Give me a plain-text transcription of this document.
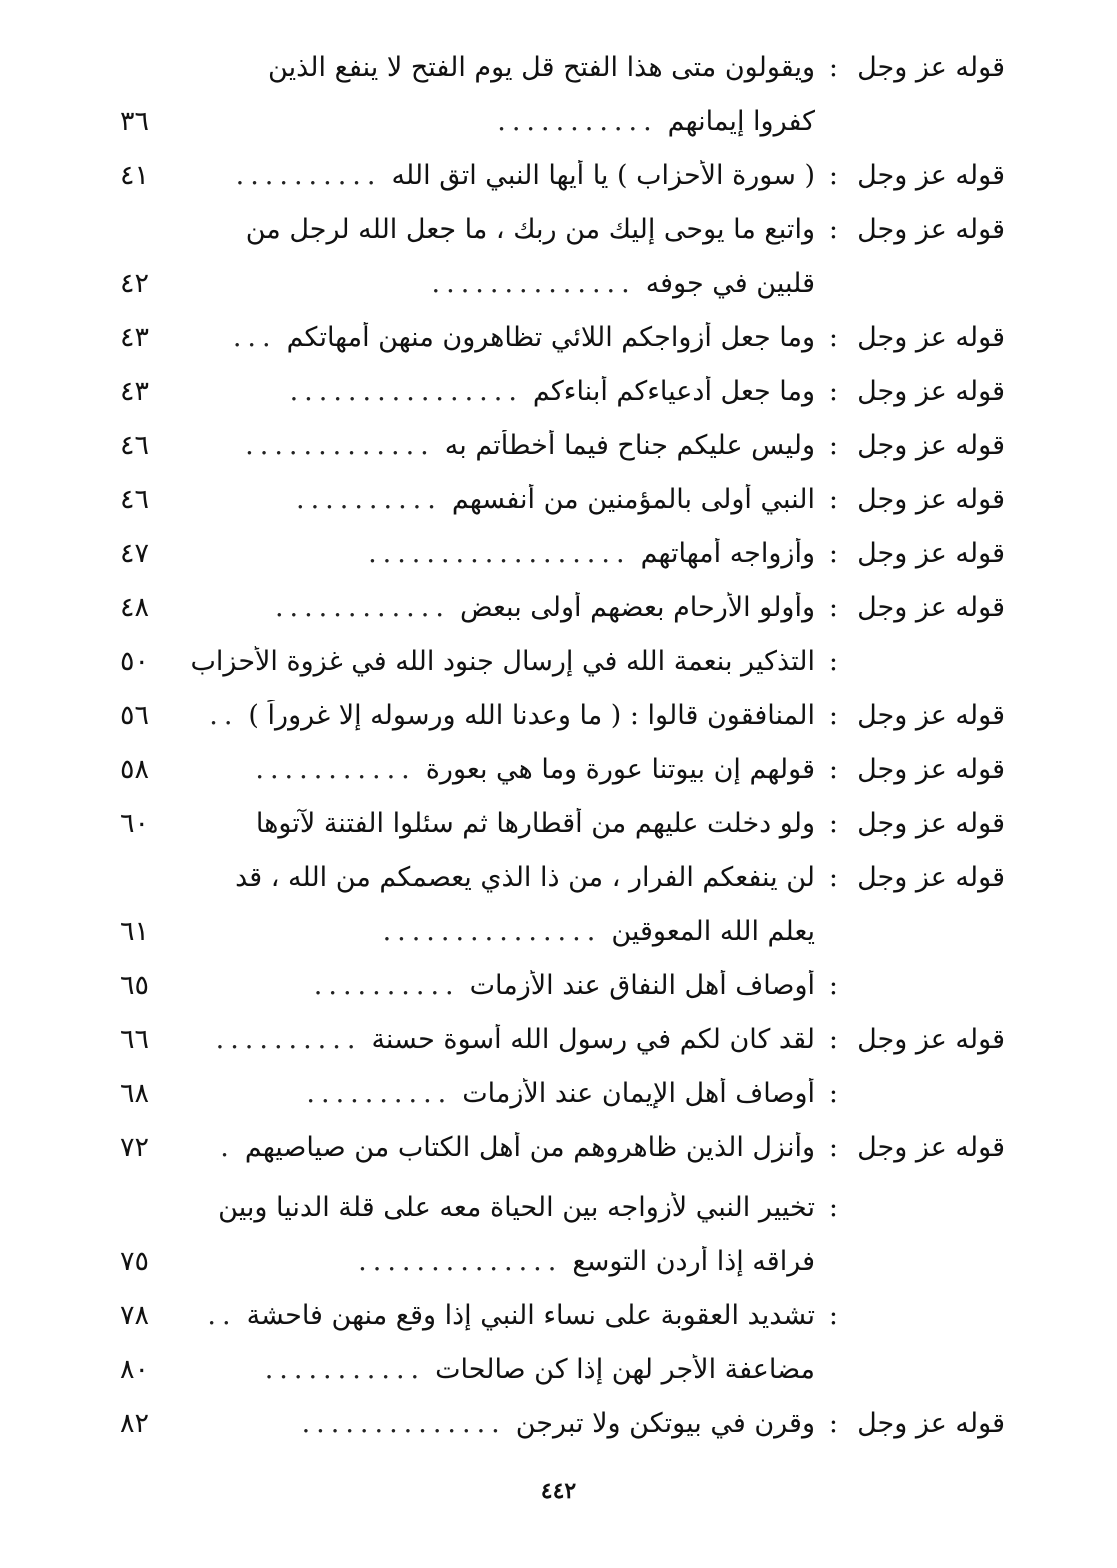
قوله عز وجل
:
ويقولون متى هذا الفتح قل يوم الفتح لا ينفع الذين
كفروا إيمانهم
...........
٣٦
قوله عز وجل
:
( سورة الأحزاب ) يا أيها النبي اتق الله
..........
٤١
قوله عز وجل
:
واتبع ما يوحى إليك من ربك ، ما جعل الله لرجل من
قلبين في جوفه
..............
٤٢
قوله عز وجل
:
وما جعل أزواجكم اللائي تظاهرون منهن أمهاتكم
...
٤٣
قوله عز وجل
:
وما جعل أدعياءكم أبناءكم
................
٤٣
قوله عز وجل
:
وليس عليكم جناح فيما أخطأتم به
.............
٤٦
قوله عز وجل
:
النبي أولى بالمؤمنين من أنفسهم
..........
٤٦
قوله عز وجل
:
وأزواجه أمهاتهم
..................
٤٧
قوله عز وجل
:
وأولو الأرحام بعضهم أولى ببعض
............
٤٨
:
التذكير بنعمة الله في إرسال جنود الله في غزوة الأحزاب
٥٠
قوله عز وجل
:
المنافقون قالوا : ( ما وعدنا الله ورسوله إلا غروراً )
..
٥٦
قوله عز وجل
:
قولهم إن بيوتنا عورة وما هي بعورة
...........
٥٨
قوله عز وجل
:
ولو دخلت عليهم من أقطارها ثم سئلوا الفتنة لآتوها
٦٠
قوله عز وجل
:
لن ينفعكم الفرار ، من ذا الذي يعصمكم من الله ، قد
يعلم الله المعوقين
...............
٦١
:
أوصاف أهل النفاق عند الأزمات
..........
٦٥
قوله عز وجل
:
لقد كان لكم في رسول الله أسوة حسنة
..........
٦٦
:
أوصاف أهل الإيمان عند الأزمات
..........
٦٨
قوله عز وجل
:
وأنزل الذين ظاهروهم من أهل الكتاب من صياصيهم
.
٧٢
:
تخيير النبي لأزواجه بين الحياة معه على قلة الدنيا وبين
فراقه إذا أردن التوسع
..............
٧٥
:
تشديد العقوبة على نساء النبي إذا وقع منهن فاحشة
..
٧٨
مضاعفة الأجر لهن إذا كن صالحات
...........
٨٠
قوله عز وجل
:
وقرن في بيوتكن ولا تبرجن
..............
٨٢
٤٤٢
